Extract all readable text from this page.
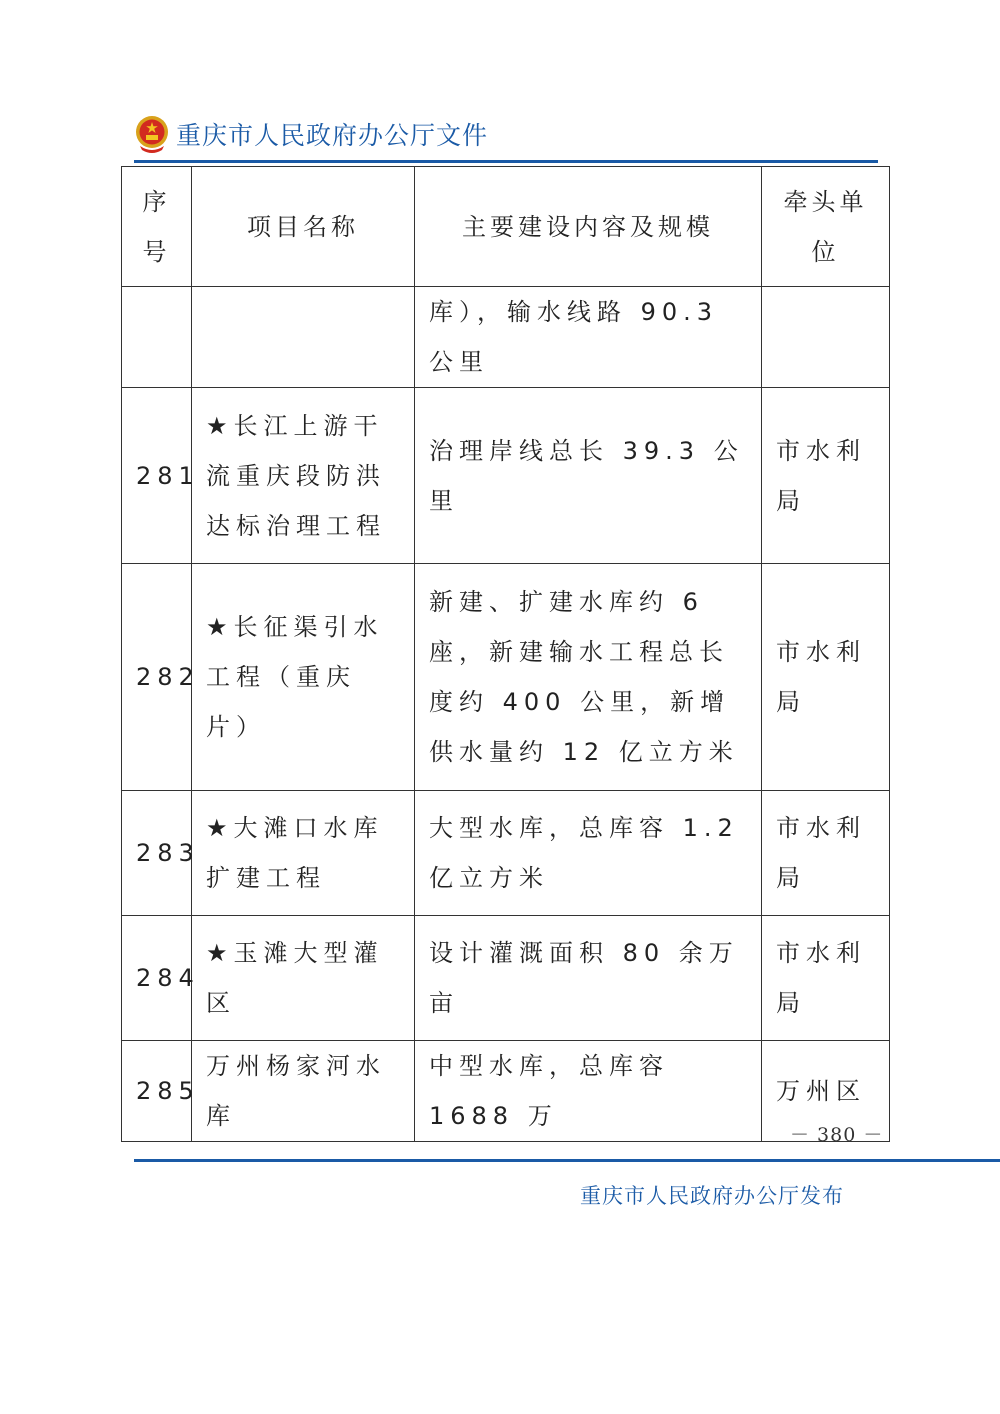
重庆市人民政府办公厅文件
序号	项目名称	主要建设内容及规模	牵头单位
		库），输水线路 90.3 公里	
281	★长江上游干流重庆段防洪达标治理工程	治理岸线总长 39.3 公里	市水利局
282	★长征渠引水工程（重庆片）	新建、扩建水库约 6 座，新建输水工程总长度约 400 公里，新增供水量约 12 亿立方米	市水利局
283	★大滩口水库扩建工程	大型水库，总库容 1.2 亿立方米	市水利局
284	★玉滩大型灌区	设计灌溉面积 80 余万亩	市水利局
285	万州杨家河水库	中型水库，总库容 1688 万	万州区
－ 380 －
重庆市人民政府办公厅发布
